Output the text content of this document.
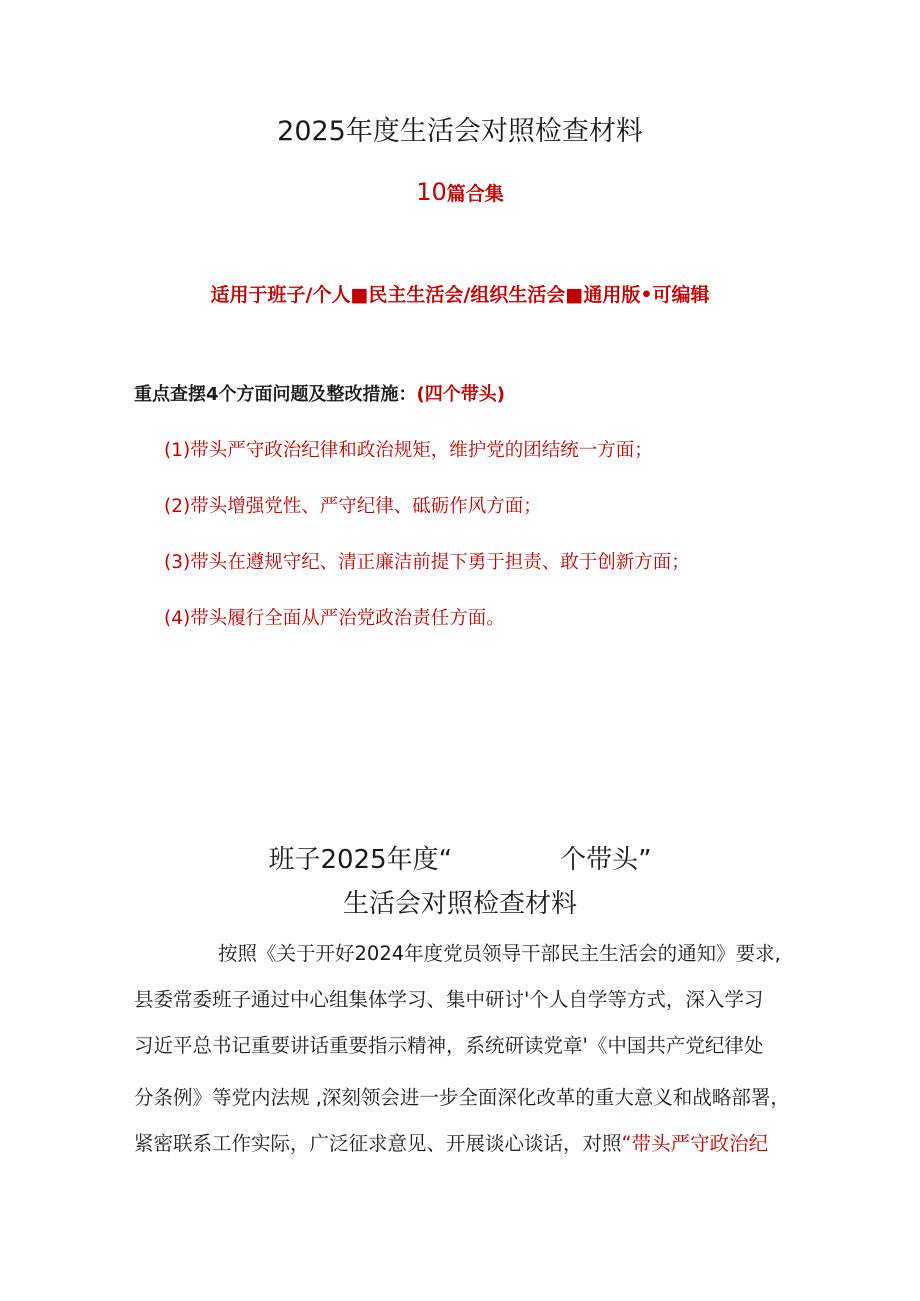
2025年度生活会对照检查材料
10篇合集
适用于班子/个人■民主生活会/组织生活会■通用版•可编辑
重点查摆4个方面问题及整改措施：(四个带头)
(1)带头严守政治纪律和政治规矩，维护党的团结统一方面；
(2)带头增强党性、严守纪律、砥砺作风方面；
(3)带头在遵规守纪、清正廉洁前提下勇于担责、敢于创新方面；
(4)带头履行全面从严治党政治责任方面。
班子2025年度“	个带头”
生活会对照检查材料
按照《关于开好2024年度党员领导干部民主生活会的通知》要求,
县委常委班子通过中心组集体学习、集中研讨'个人自学等方式，深入学习
习近平总书记重要讲话重要指示精神，系统研读党章'《中国共产党纪律处
分条例》等党内法规 ,深刻领会进一步全面深化改革的重大意义和战略部署，
紧密联系工作实际，广泛征求意见、开展谈心谈话，对照“带头严守政治纪
